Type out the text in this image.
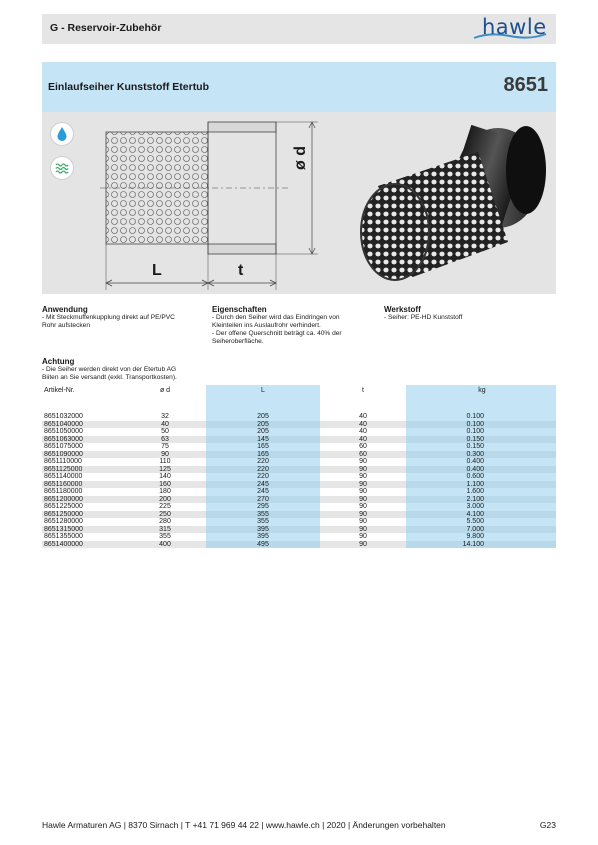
G - Reservoir-Zubehör	hawle
Einlaufseiher Kunststoff Etertub	8651
ø d
L	t
Anwendung
- Mit Steckmuffenkupplung direkt auf PE/PVC
Rohr aufstecken
Eigenschaften
- Durch den Seiher wird das Eindringen von
Kleinteilen ins Auslaufrohr verhindert.
- Der offene Querschnitt beträgt ca. 40% der
Seiheroberfläche.
Werkstoff
- Seiher: PE-HD Kunststoff
Achtung
- Die Seiher werden direkt von der Etertub AG
Biiten an Sie versandt (exkl. Transportkosten).
Artikel-Nr.	ø d	L	t	kg
8651032000	32	205	40	0.100
8651040000	40	205	40	0.100
8651050000	50	205	40	0.100
8651063000	63	145	40	0.150
8651075000	75	165	60	0.150
8651090000	90	165	60	0.300
8651110000	110	220	90	0.400
8651125000	125	220	90	0.400
8651140000	140	220	90	0.600
8651160000	160	245	90	1.100
8651180000	180	245	90	1.600
8651200000	200	270	90	2.100
8651225000	225	295	90	3.000
8651250000	250	355	90	4.100
8651280000	280	355	90	5.500
8651315000	315	395	90	7.000
8651355000	355	395	90	9.800
8651400000	400	495	90	14.100
Hawle Armaturen AG | 8370 Sirnach | T +41 71 969 44 22 | www.hawle.ch | 2020 | Änderungen vorbehalten	G23
